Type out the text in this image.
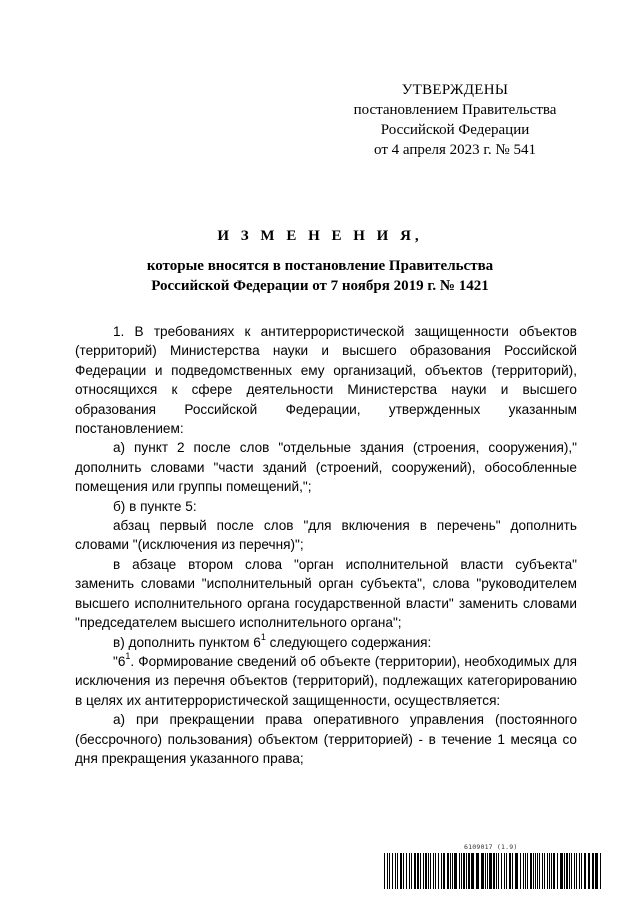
УТВЕРЖДЕНЫ
постановлением Правительства
Российской Федерации
от 4 апреля 2023 г. № 541
И З М Е Н Е Н И Я,
которые вносятся в постановление Правительства
Российской Федерации от 7 ноября 2019 г. № 1421

1. В требованиях к антитеррористической защищенности объектов (территорий) Министерства науки и высшего образования Российской Федерации и подведомственных ему организаций, объектов (территорий), относящихся к сфере деятельности Министерства науки и высшего образования Российской Федерации, утвержденных указанным постановлением:

а) пункт 2 после слов "отдельные здания (строения, сооружения)," дополнить словами "части зданий (строений, сооружений), обособленные помещения или группы помещений,";

б) в пункте 5:

абзац первый после слов "для включения в перечень" дополнить словами "(исключения из перечня)";

в абзаце втором слова "орган исполнительной власти субъекта" заменить словами "исполнительный орган субъекта", слова "руководителем высшего исполнительного органа государственной власти" заменить словами "председателем высшего исполнительного органа";

в) дополнить пунктом $6^1$ следующего содержания:

"$6^1$. Формирование сведений об объекте (территории), необходимых для исключения из перечня объектов (территорий), подлежащих категорированию в целях их антитеррористической защищенности, осуществляется:

а) при прекращении права оперативного управления (постоянного (бессрочного) пользования) объектом (территорией) - в течение 1 месяца со дня прекращения указанного права;

6109017 (1.9)
